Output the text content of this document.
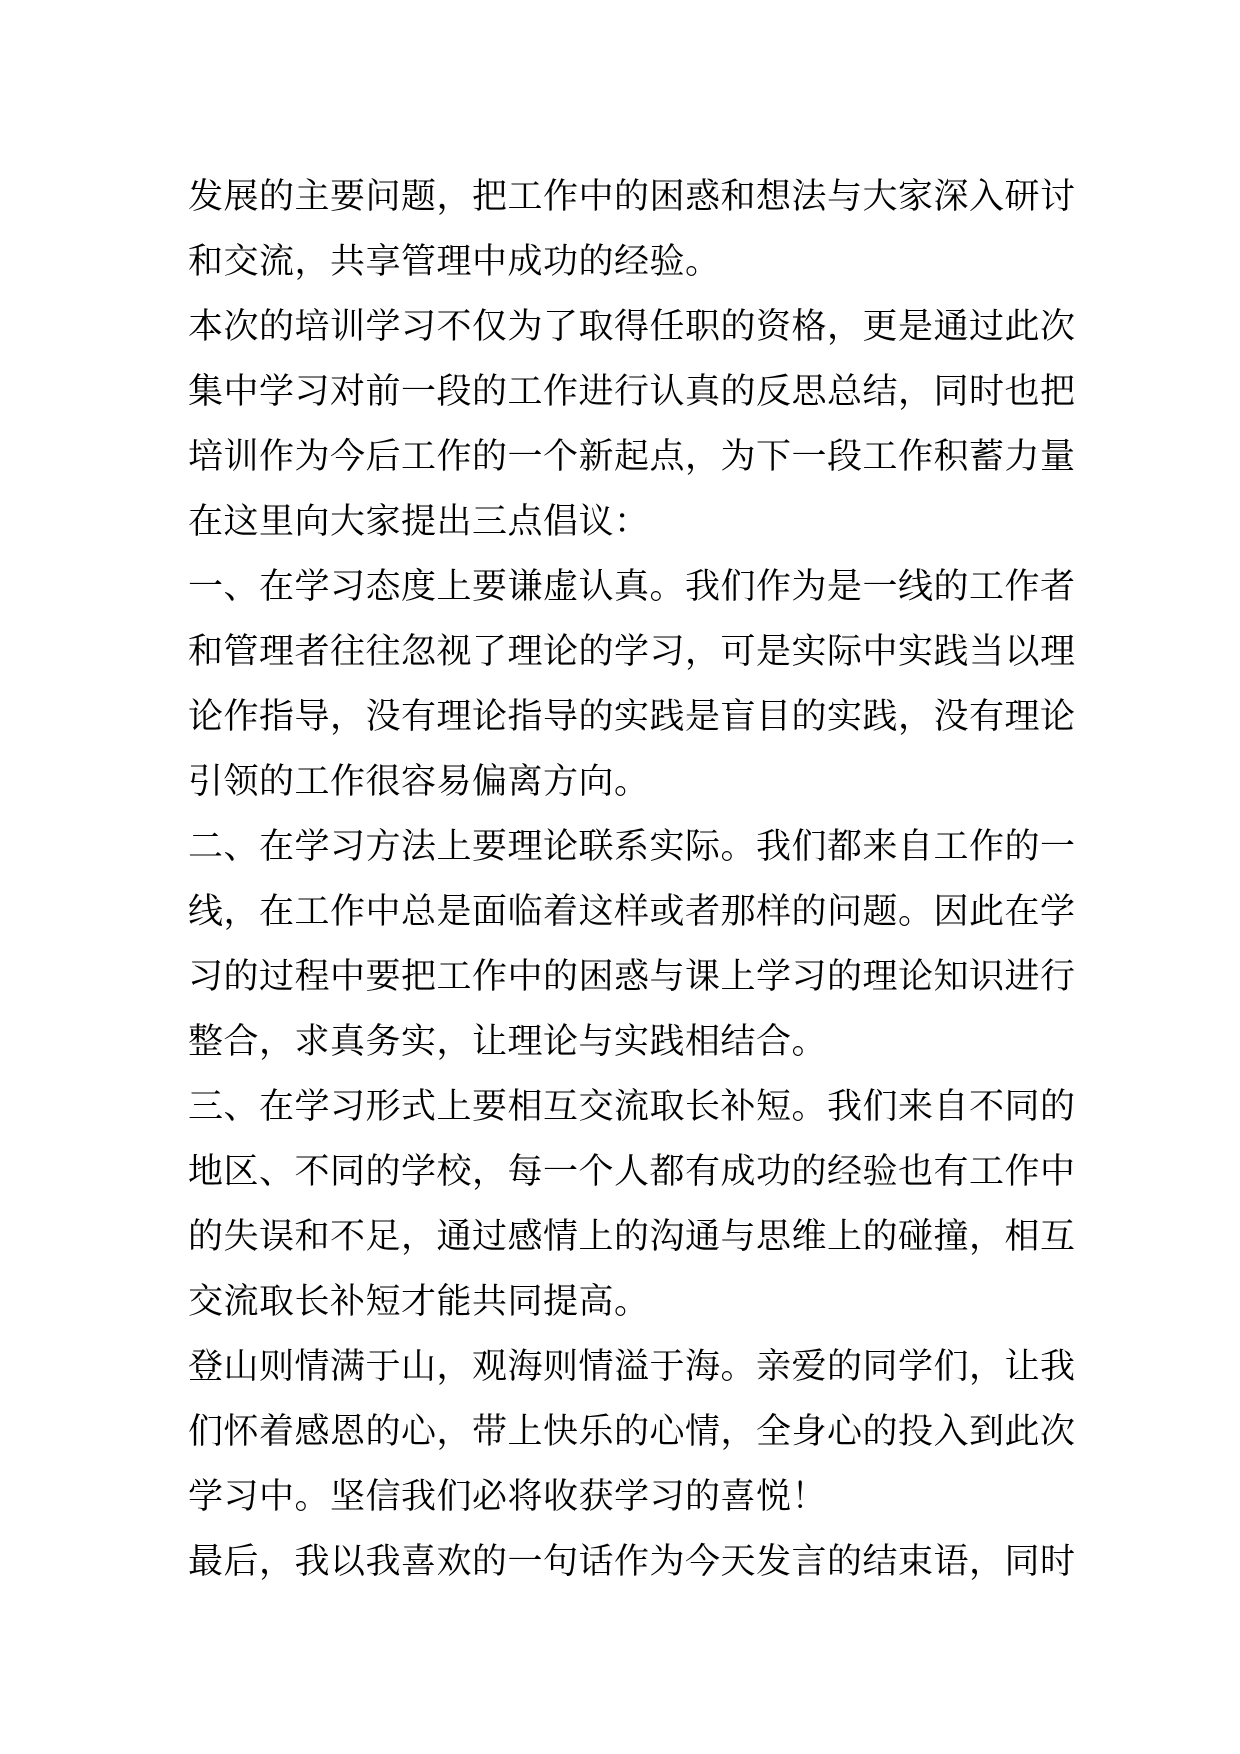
发展的主要问题，把工作中的困惑和想法与大家深入研讨
和交流，共享管理中成功的经验。
本次的培训学习不仅为了取得任职的资格，更是通过此次
集中学习对前一段的工作进行认真的反思总结，同时也把
培训作为今后工作的一个新起点，为下一段工作积蓄力量
在这里向大家提出三点倡议：
一、在学习态度上要谦虚认真。我们作为是一线的工作者
和管理者往往忽视了理论的学习，可是实际中实践当以理
论作指导，没有理论指导的实践是盲目的实践，没有理论
引领的工作很容易偏离方向。
二、在学习方法上要理论联系实际。我们都来自工作的一
线，在工作中总是面临着这样或者那样的问题。因此在学
习的过程中要把工作中的困惑与课上学习的理论知识进行
整合，求真务实，让理论与实践相结合。
三、在学习形式上要相互交流取长补短。我们来自不同的
地区、不同的学校，每一个人都有成功的经验也有工作中
的失误和不足，通过感情上的沟通与思维上的碰撞，相互
交流取长补短才能共同提高。
登山则情满于山，观海则情溢于海。亲爱的同学们，让我
们怀着感恩的心，带上快乐的心情，全身心的投入到此次
学习中。坚信我们必将收获学习的喜悦！
最后，我以我喜欢的一句话作为今天发言的结束语，同时
